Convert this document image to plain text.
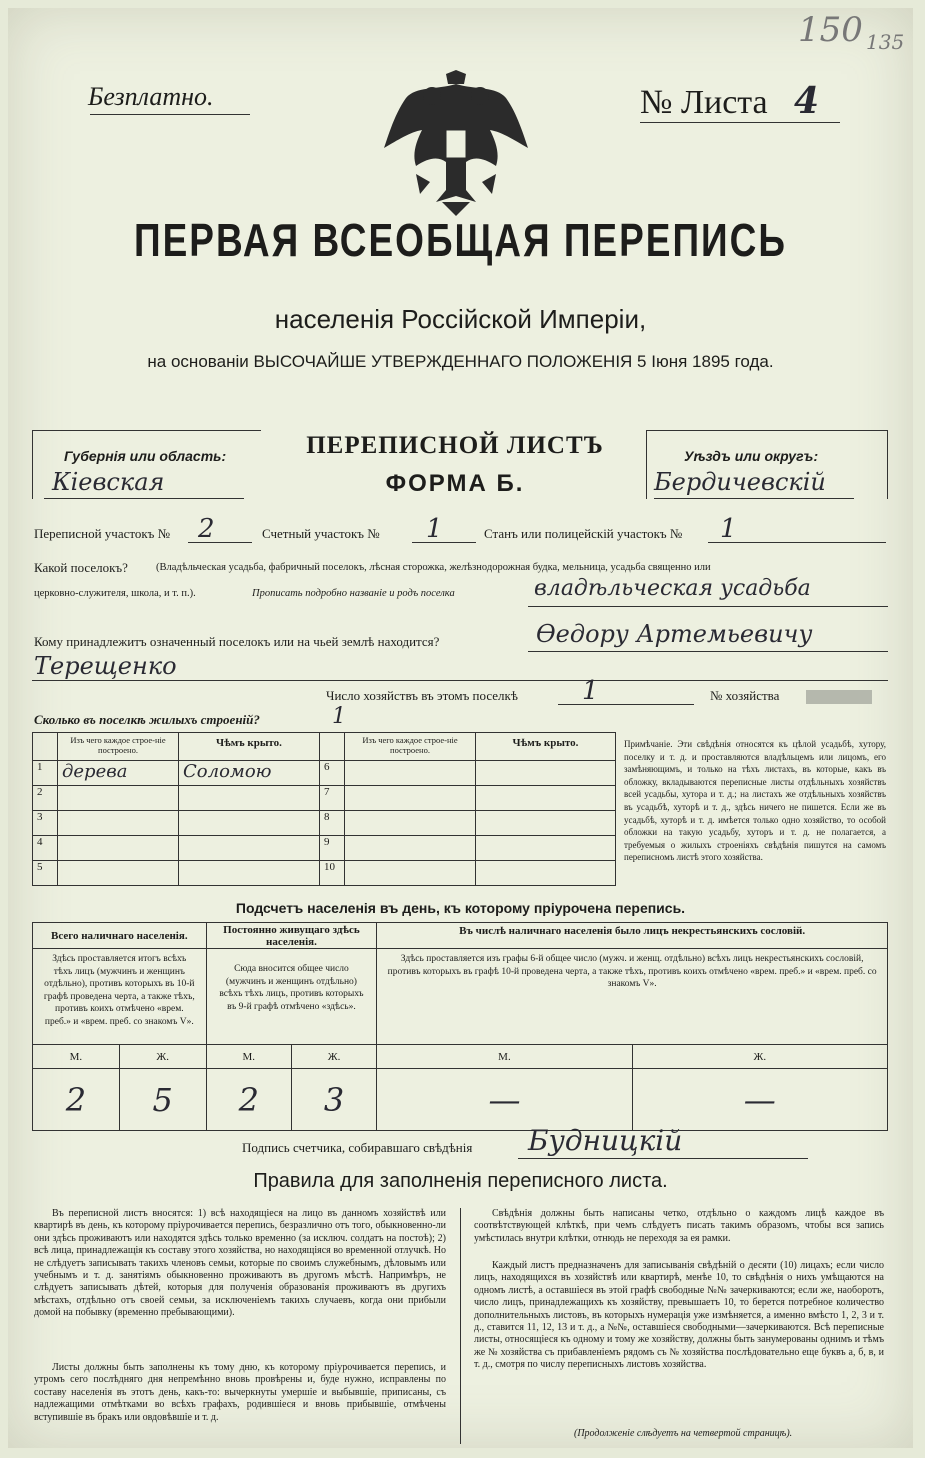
150 135
Безплатно.	№ Листа 4
ПЕРВАЯ ВСЕОБЩАЯ ПЕРЕПИСЬ
населенія Россійской Имперіи,
на основаніи ВЫСОЧАЙШЕ УТВЕРЖДЕННАГО ПОЛОЖЕНІЯ 5 Іюня 1895 года.
Губернія или область:
Кіевская
ПЕРЕПИСНОЙ ЛИСТЪ
ФОРМА Б.
Уѣздъ или округъ:
Бердичевскій
Переписной участокъ № 2	Счетный участокъ № 1	Станъ или полицейскій участокъ № 1
Какой поселокъ?	(Владѣльческая усадьба, фабричный поселокъ, лѣсная сторожка, желѣзнодорожная будка, мельница, усадьба священно или
церковно-служителя, школа, и т. п.).	Прописать подробно названіе и родъ поселка	владѣльческая усадьба
Кому принадлежитъ означенный поселокъ или на чьей землѣ находится?	Ѳедору Артемьевичу
Терещенко
Число хозяйствъ въ этомъ поселкѣ 1	№ хозяйства
Сколько въ поселкѣ жилыхъ строеній?	1

	Изъ чего каждое строе-ніе построено.	Чѣмъ крыто.		Изъ чего каждое строе-ніе построено.	Чѣмъ крыто.
1	дерева	Соломою	6		
2			7		
3			8		
4			9		
5			10		
Примѣчаніе. Эти свѣдѣнія относятся къ цѣлой усадьбѣ, хутору, поселку и т. д. и проставляются владѣльцемъ или лицомъ, его замѣняющимъ, и только на тѣхъ листахъ, въ которые, какъ въ обложку, вкладываются переписные листы отдѣльныхъ хозяйствъ всей усадьбы, хутора и т. д.; на листахъ же отдѣльныхъ хозяйствъ въ усадьбѣ, хуторѣ и т. д., здѣсь ничего не пишется. Если же въ усадьбѣ, хуторѣ и т. д. имѣется только одно хозяйство, то особой обложки на такую усадьбу, хуторъ и т. д. не полагается, а требуемыя о жилыхъ строеніяхъ свѣдѣнія пишутся на самомъ переписномъ листѣ этого хозяйства.
Подсчетъ населенія въ день, къ которому пріурочена перепись.
Всего наличнаго населенія.		Постоянно живущаго здѣсь населенія.		Въ числѣ наличнаго населенія было лицъ некрестьянскихъ сословій.	
Здѣсь проставляется итогъ всѣхъ тѣхъ лицъ (мужчинъ и женщинъ отдѣльно), противъ которыхъ въ 10-й графѣ проведена черта, а также тѣхъ, противъ коихъ отмѣчено «врем. преб.» и «врем. преб. со знакомъ V».		Сюда вносится общее число (мужчинъ и женщинъ отдѣльно) всѣхъ тѣхъ лицъ, противъ которыхъ въ 9-й графѣ отмѣчено «здѣсь».		Здѣсь проставляется изъ графы 6-й общее число (мужч. и женщ. отдѣльно) всѣхъ лицъ некрестьянскихъ сословій, противъ которыхъ въ графѣ 10-й проведена черта, а также тѣхъ, противъ коихъ отмѣчено «врем. преб.» и «врем. преб. со знакомъ V».	
М.	Ж.	М.	Ж.	М.	Ж.
2	5	2	3	—	—
Подпись счетчика, собиравшаго свѣдѣнія Будницкій
Правила для заполненія переписного листа.
Въ переписной листъ вносятся: 1) всѣ находящіеся на лицо въ данномъ хозяйствѣ или квартирѣ въ день, къ которому пріурочивается перепись, безразлично отъ того, обыкновенно-ли они здѣсь проживаютъ или находятся здѣсь только временно (за исключ. солдатъ на постоѣ); 2) всѣ лица, принадлежащія къ составу этого хозяйства, но находящіяся во временной отлучкѣ. Но не слѣдуетъ записывать такихъ членовъ семьи, которые по своимъ служебнымъ, дѣловымъ или учебнымъ и т. д. занятіямъ обыкновенно проживаютъ въ другомъ мѣстѣ. Напримѣръ, не слѣдуетъ записывать дѣтей, которыя для полученія образованія проживаютъ въ другихъ мѣстахъ, отдѣльно отъ своей семьи, за исключеніемъ такихъ случаевъ, когда они прибыли домой на побывку (временно пребывающими).
Листы должны быть заполнены къ тому дню, къ которому пріурочивается перепись, и утромъ сего послѣдняго дня непремѣнно вновь провѣрены и, буде нужно, исправлены по составу населенія въ этотъ день, какъ-то: вычеркнуты умершіе и выбывшіе, приписаны, съ надлежащими отмѣтками во всѣхъ графахъ, родившіеся и вновь прибывшіе, отмѣчены вступившіе въ бракъ или овдовѣвшіе и т. д.
Свѣдѣнія должны быть написаны четко, отдѣльно о каждомъ лицѣ каждое въ соотвѣтствующей клѣткѣ, при чемъ слѣдуетъ писать такимъ образомъ, чтобы вся запись умѣстилась внутри клѣтки, отнюдь не переходя за ея рамки.
Каждый листъ предназначенъ для записыванія свѣдѣній о десяти (10) лицахъ; если число лицъ, находящихся въ хозяйствѣ или квартирѣ, менѣе 10, то свѣдѣнія о нихъ умѣщаются на одномъ листѣ, а оставшіеся въ этой графѣ свободные №№ зачеркиваются; если же, наоборотъ, число лицъ, принадлежащихъ къ хозяйству, превышаетъ 10, то берется потребное количество дополнительныхъ листовъ, въ которыхъ нумерація уже измѣняется, а именно вмѣсто 1, 2, 3 и т. д., ставится 11, 12, 13 и т. д., а №№, оставшіеся свободными—зачеркиваются. Всѣ переписные листы, относящіеся къ одному и тому же хозяйству, должны быть занумерованы однимъ и тѣмъ же № хозяйства съ прибавленіемъ рядомъ съ № хозяйства послѣдовательно еще буквъ а, б, в, и т. д., смотря по числу переписныхъ листовъ хозяйства.
(Продолженіе слѣдуетъ на четвертой страницѣ).
